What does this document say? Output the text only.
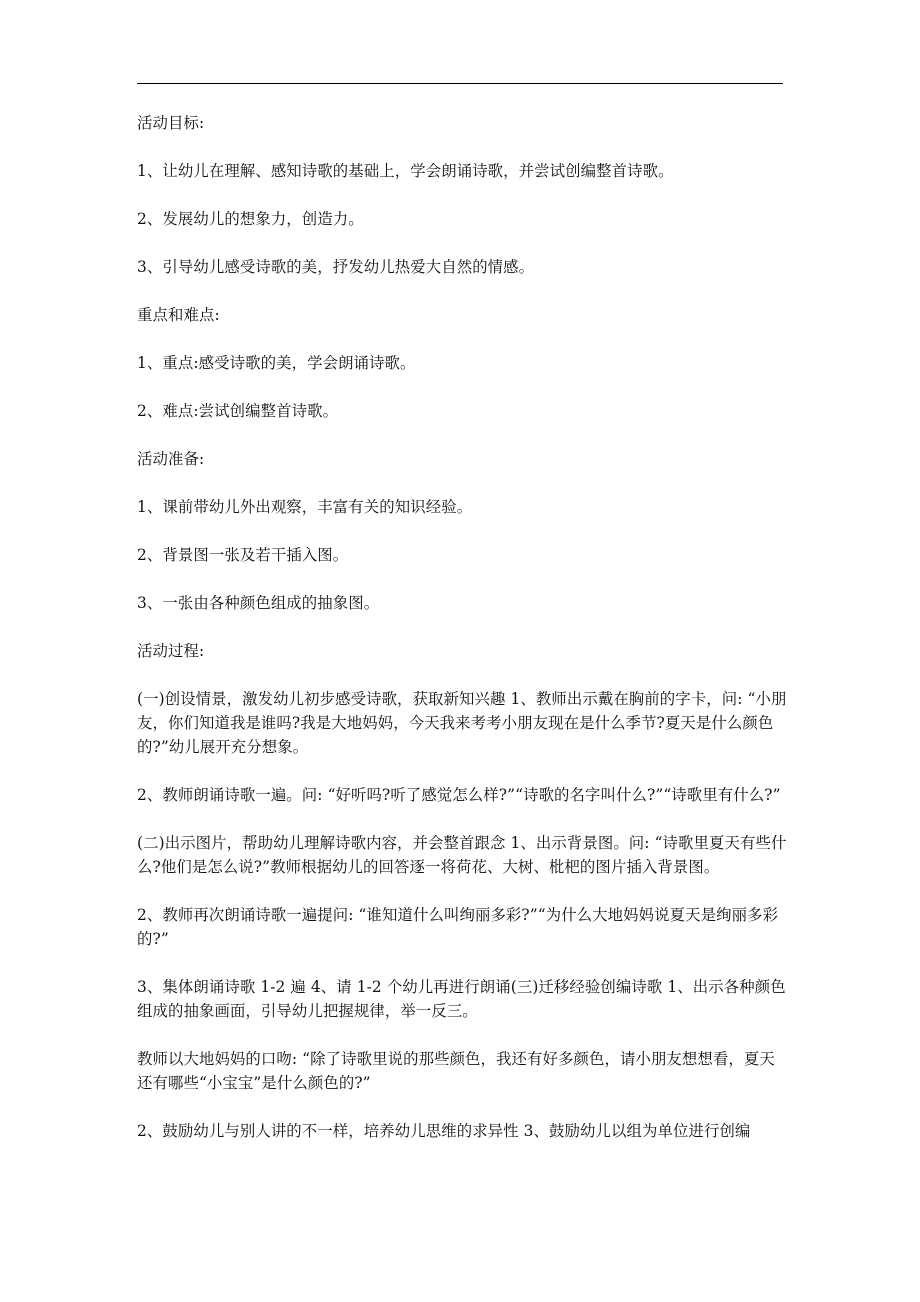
活动目标:

1、让幼儿在理解、感知诗歌的基础上，学会朗诵诗歌，并尝试创编整首诗歌。

2、发展幼儿的想象力，创造力。

3、引导幼儿感受诗歌的美，抒发幼儿热爱大自然的情感。

重点和难点:

1、重点:感受诗歌的美，学会朗诵诗歌。

2、难点:尝试创编整首诗歌。

活动准备:

1、课前带幼儿外出观察，丰富有关的知识经验。

2、背景图一张及若干插入图。

3、一张由各种颜色组成的抽象图。

活动过程:

(一)创设情景，激发幼儿初步感受诗歌，获取新知兴趣 1、教师出示戴在胸前的字卡，问: “小朋友，你们知道我是谁吗?我是大地妈妈，今天我来考考小朋友现在是什么季节?夏天是什么颜色的?”幼儿展开充分想象。

2、教师朗诵诗歌一遍。问: “好听吗?听了感觉怎么样?”“诗歌的名字叫什么?”“诗歌里有什么?”

(二)出示图片，帮助幼儿理解诗歌内容，并会整首跟念 1、出示背景图。问: “诗歌里夏天有些什么?他们是怎么说?”教师根据幼儿的回答逐一将荷花、大树、枇杷的图片插入背景图。

2、教师再次朗诵诗歌一遍提问: “谁知道什么叫绚丽多彩?”“为什么大地妈妈说夏天是绚丽多彩的?”

3、集体朗诵诗歌 1-2 遍 4、请 1-2 个幼儿再进行朗诵(三)迁移经验创编诗歌 1、出示各种颜色组成的抽象画面，引导幼儿把握规律，举一反三。

教师以大地妈妈的口吻: “除了诗歌里说的那些颜色，我还有好多颜色，请小朋友想想看，夏天还有哪些“小宝宝”是什么颜色的?”

2、鼓励幼儿与别人讲的不一样，培养幼儿思维的求异性 3、鼓励幼儿以组为单位进行创编
